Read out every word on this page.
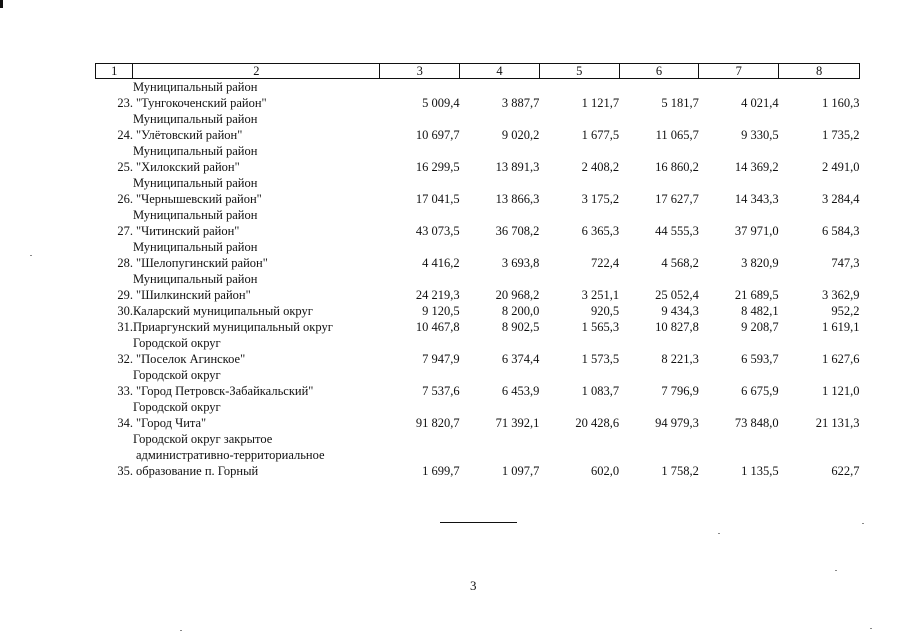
1	2	3	4	5	6	7	8
23.	Муниципальный район
"Тунгокоченский район"	5 009,4	3 887,7	1 121,7	5 181,7	4 021,4	1 160,3
24.	Муниципальный район
"Улётовский район"	10 697,7	9 020,2	1 677,5	11 065,7	9 330,5	1 735,2
25.	Муниципальный район
"Хилокский район"	16 299,5	13 891,3	2 408,2	16 860,2	14 369,2	2 491,0
26.	Муниципальный район
"Чернышевский район"	17 041,5	13 866,3	3 175,2	17 627,7	14 343,3	3 284,4
27.	Муниципальный район
"Читинский район"	43 073,5	36 708,2	6 365,3	44 555,3	37 971,0	6 584,3
28.	Муниципальный район
"Шелопугинский район"	4 416,2	3 693,8	722,4	4 568,2	3 820,9	747,3
29.	Муниципальный район
"Шилкинский район"	24 219,3	20 968,2	3 251,1	25 052,4	21 689,5	3 362,9
30.	Каларский муниципальный округ	9 120,5	8 200,0	920,5	9 434,3	8 482,1	952,2
31.	Приаргунский муниципальный округ	10 467,8	8 902,5	1 565,3	10 827,8	9 208,7	1 619,1
32.	Городской округ
"Поселок Агинское"	7 947,9	6 374,4	1 573,5	8 221,3	6 593,7	1 627,6
33.	Городской округ
"Город Петровск-Забайкальский"	7 537,6	6 453,9	1 083,7	7 796,9	6 675,9	1 121,0
34.	Городской округ
"Город Чита"	91 820,7	71 392,1	20 428,6	94 979,3	73 848,0	21 131,3
35.	Городской округ закрытое
административно-территориальное
образование п. Горный	1 699,7	1 097,7	602,0	1 758,2	1 135,5	622,7
3
